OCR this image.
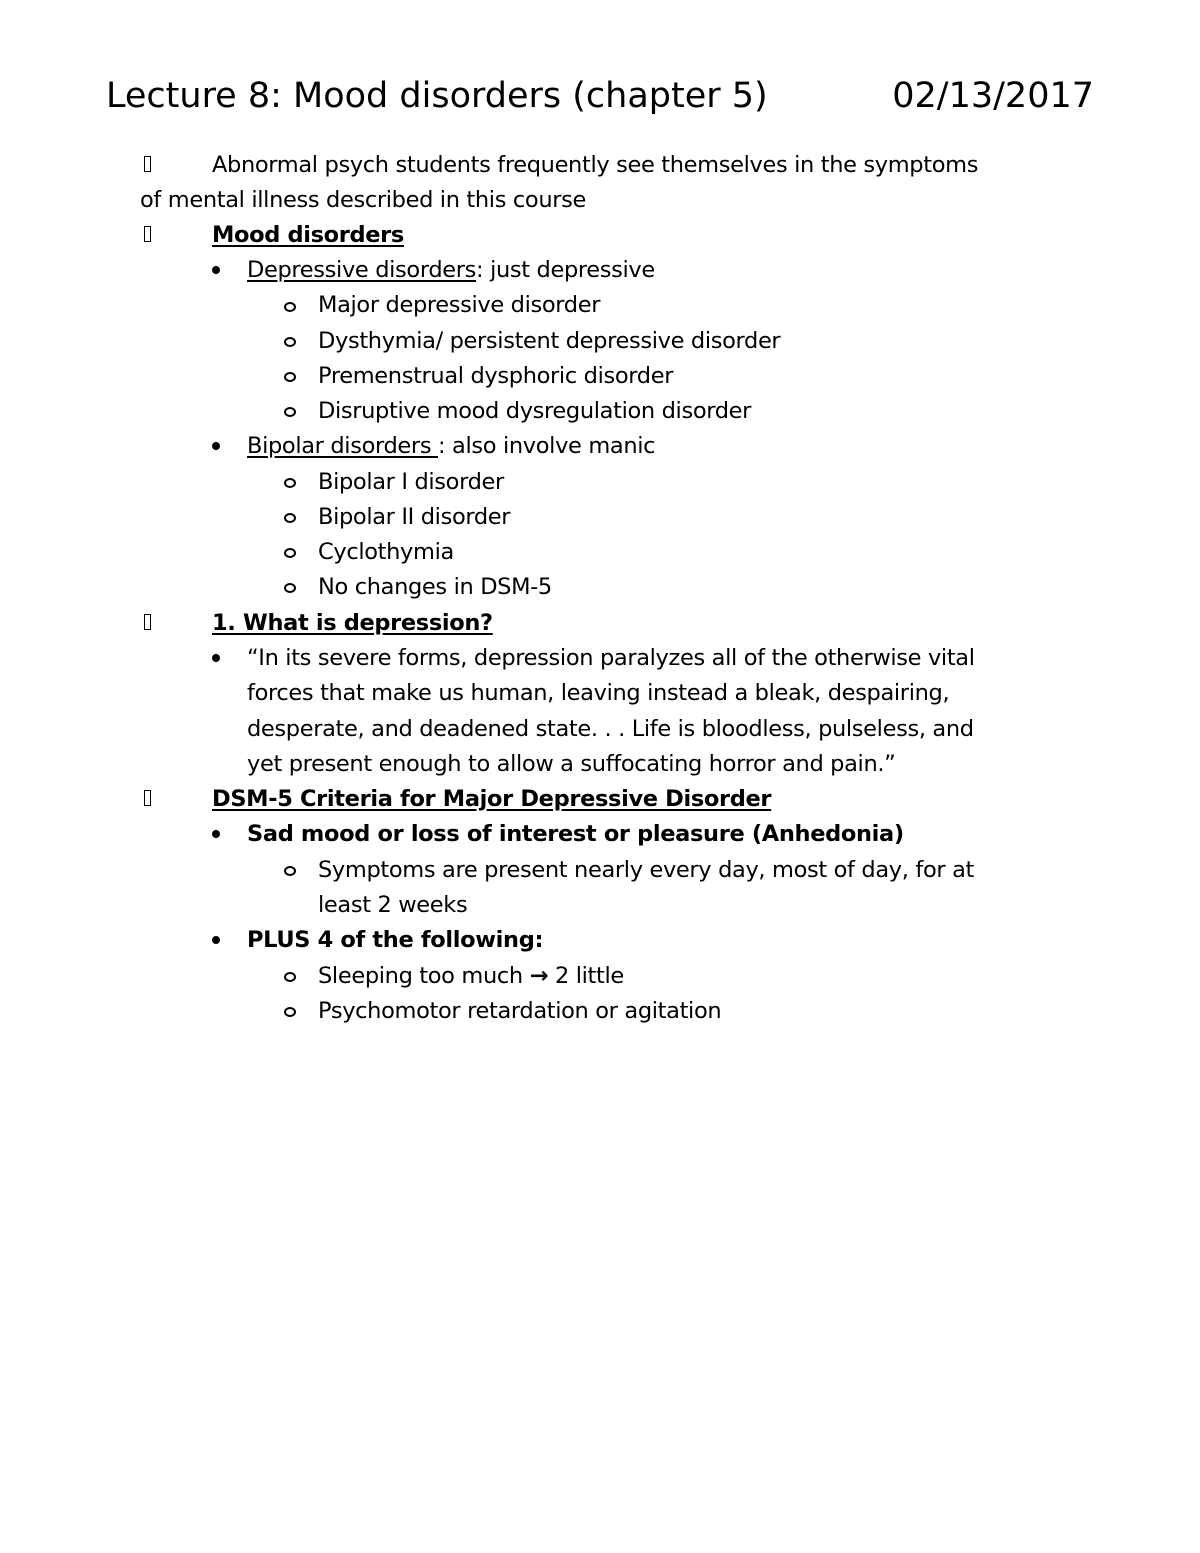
Lecture 8: Mood disorders (chapter 5)	02/13/2017
Abnormal psych students frequently see themselves in the symptoms
of mental illness described in this course
Mood disorders
Depressive disorders: just depressive
Major depressive disorder
Dysthymia/ persistent depressive disorder
Premenstrual dysphoric disorder
Disruptive mood dysregulation disorder
Bipolar disorders : also involve manic
Bipolar I disorder
Bipolar II disorder
Cyclothymia
No changes in DSM-5
1. What is depression?
“In its severe forms, depression paralyzes all of the otherwise vital
forces that make us human, leaving instead a bleak, despairing,
desperate, and deadened state. . . Life is bloodless, pulseless, and
yet present enough to allow a suffocating horror and pain.”
DSM-5 Criteria for Major Depressive Disorder
Sad mood or loss of interest or pleasure (Anhedonia)
Symptoms are present nearly every day, most of day, for at
least 2 weeks
PLUS 4 of the following:
Sleeping too much → 2 little
Psychomotor retardation or agitation
